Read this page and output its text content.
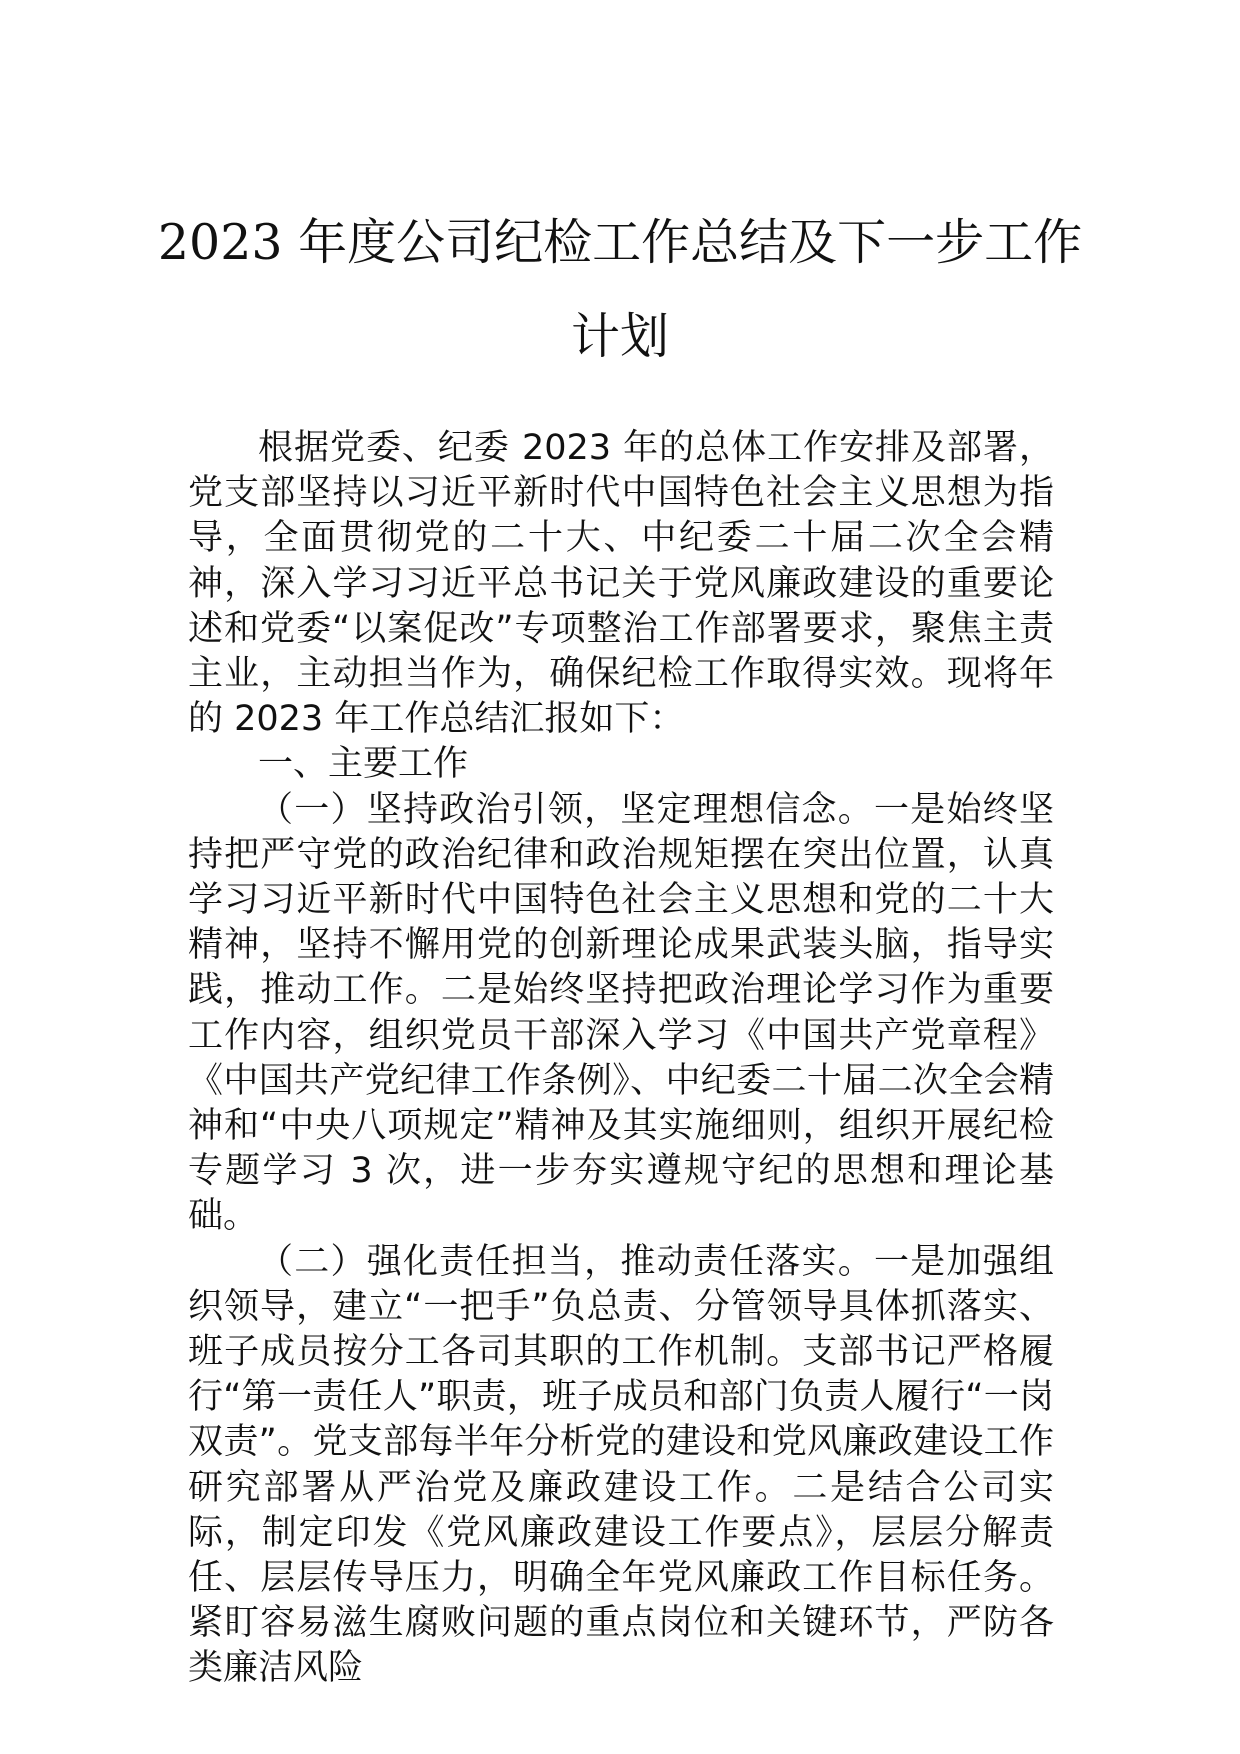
2023 年度公司纪检工作总结及下一步工作
计划

根据党委、纪委 2023 年的总体工作安排及部署，党支部坚持以习近平新时代中国特色社会主义思想为指导，全面贯彻党的二十大、中纪委二十届二次全会精神，深入学习习近平总书记关于党风廉政建设的重要论述和党委“以案促改”专项整治工作部署要求，聚焦主责主业，主动担当作为，确保纪检工作取得实效。现将年的 2023 年工作总结汇报如下：

一、主要工作

（一）坚持政治引领，坚定理想信念。一是始终坚持把严守党的政治纪律和政治规矩摆在突出位置，认真学习习近平新时代中国特色社会主义思想和党的二十大精神，坚持不懈用党的创新理论成果武装头脑，指导实践，推动工作。二是始终坚持把政治理论学习作为重要工作内容，组织党员干部深入学习《中国共产党章程》《中国共产党纪律工作条例》、中纪委二十届二次全会精神和“中央八项规定”精神及其实施细则，组织开展纪检专题学习 3 次，进一步夯实遵规守纪的思想和理论基础。

（二）强化责任担当，推动责任落实。一是加强组织领导，建立“一把手”负总责、分管领导具体抓落实、班子成员按分工各司其职的工作机制。支部书记严格履行“第一责任人”职责，班子成员和部门负责人履行“一岗双责”。党支部每半年分析党的建设和党风廉政建设工作研究部署从严治党及廉政建设工作。二是结合公司实际，制定印发《党风廉政建设工作要点》，层层分解责任、层层传导压力，明确全年党风廉政工作目标任务。紧盯容易滋生腐败问题的重点岗位和关键环节，严防各类廉洁风险
